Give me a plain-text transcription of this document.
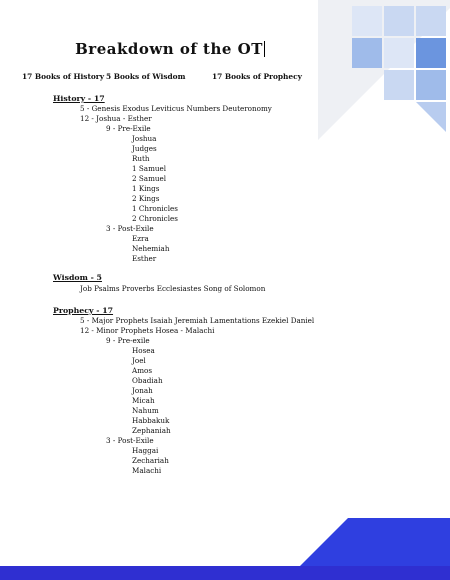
Breakdown of the OT
17 Books of History 5 Books of Wisdom	17 Books of Prophecy
History - 17
5 - Genesis Exodus Leviticus Numbers Deuteronomy
12 - Joshua - Esther
9 - Pre-Exile
Joshua
Judges
Ruth
1 Samuel
2 Samuel
1 Kings
2 Kings
1 Chronicles
2 Chronicles
3 - Post-Exile
Ezra
Nehemiah
Esther
Wisdom - 5
Job Psalms Proverbs Ecclesiastes Song of Solomon
Prophecy - 17
5 - Major Prophets Isaiah Jeremiah Lamentations Ezekiel Daniel
12 - Minor Prophets Hosea - Malachi
9 - Pre-exile
Hosea
Joel
Amos
Obadiah
Jonah
Micah
Nahum
Habbakuk
Zephaniah
3 - Post-Exile
Haggai
Zechariah
Malachi
